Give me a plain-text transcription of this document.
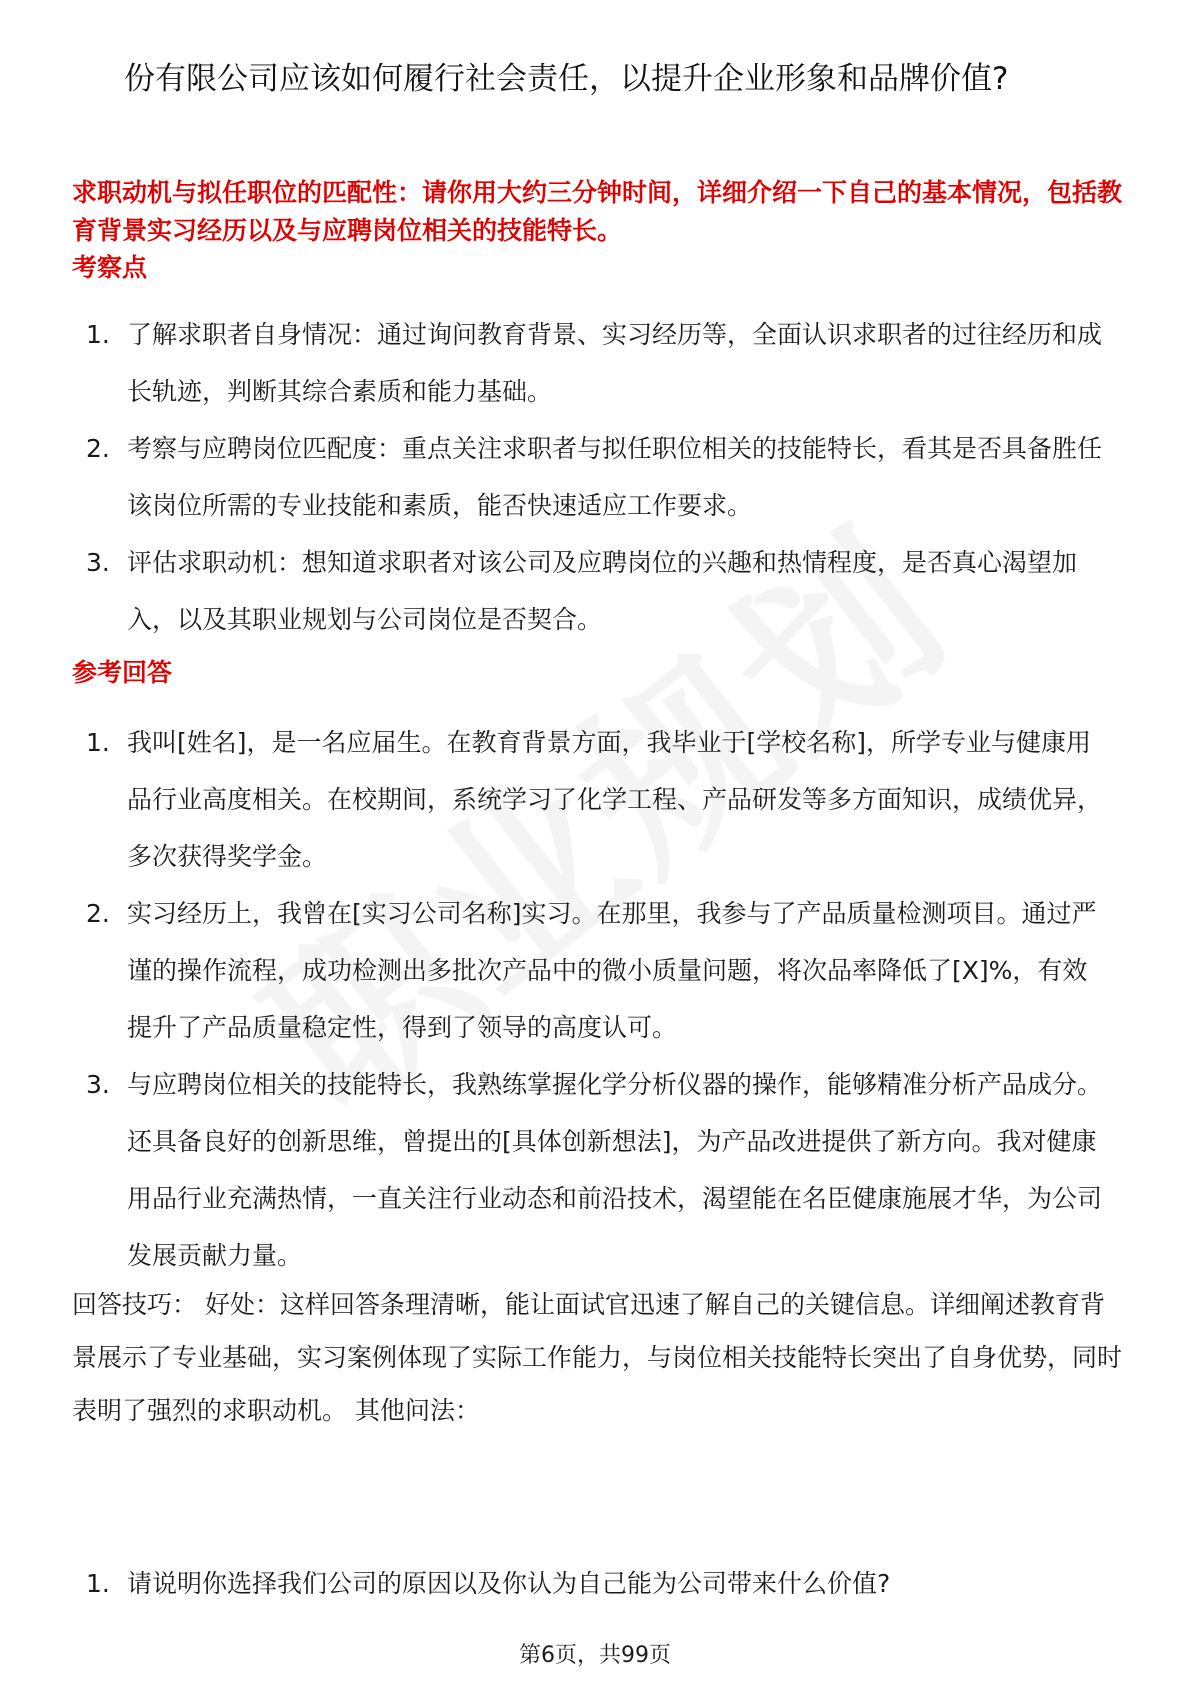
份有限公司应该如何履行社会责任，以提升企业形象和品牌价值?
求职动机与拟任职位的匹配性：请你用大约三分钟时间，详细介绍一下自己的基本情况，包括教育背景实习经历以及与应聘岗位相关的技能特长。
考察点
1. 了解求职者自身情况：通过询问教育背景、实习经历等，全面认识求职者的过往经历和成长轨迹，判断其综合素质和能力基础。
2. 考察与应聘岗位匹配度：重点关注求职者与拟任职位相关的技能特长，看其是否具备胜任该岗位所需的专业技能和素质，能否快速适应工作要求。
3. 评估求职动机：想知道求职者对该公司及应聘岗位的兴趣和热情程度，是否真心渴望加入，以及其职业规划与公司岗位是否契合。
参考回答
1. 我叫[姓名]，是一名应届生。在教育背景方面，我毕业于[学校名称]，所学专业与健康用品行业高度相关。在校期间，系统学习了化学工程、产品研发等多方面知识，成绩优异，多次获得奖学金。
2. 实习经历上，我曾在[实习公司名称]实习。在那里，我参与了产品质量检测项目。通过严谨的操作流程，成功检测出多批次产品中的微小质量问题，将次品率降低了[X]%，有效提升了产品质量稳定性，得到了领导的高度认可。
3. 与应聘岗位相关的技能特长，我熟练掌握化学分析仪器的操作，能够精准分析产品成分。还具备良好的创新思维，曾提出的[具体创新想法]，为产品改进提供了新方向。我对健康用品行业充满热情，一直关注行业动态和前沿技术，渴望能在名臣健康施展才华，为公司发展贡献力量。
回答技巧： 好处：这样回答条理清晰，能让面试官迅速了解自己的关键信息。详细阐述教育背景展示了专业基础，实习案例体现了实际工作能力，与岗位相关技能特长突出了自身优势，同时表明了强烈的求职动机。 其他问法：
1. 请说明你选择我们公司的原因以及你认为自己能为公司带来什么价值?
第6页，共99页
